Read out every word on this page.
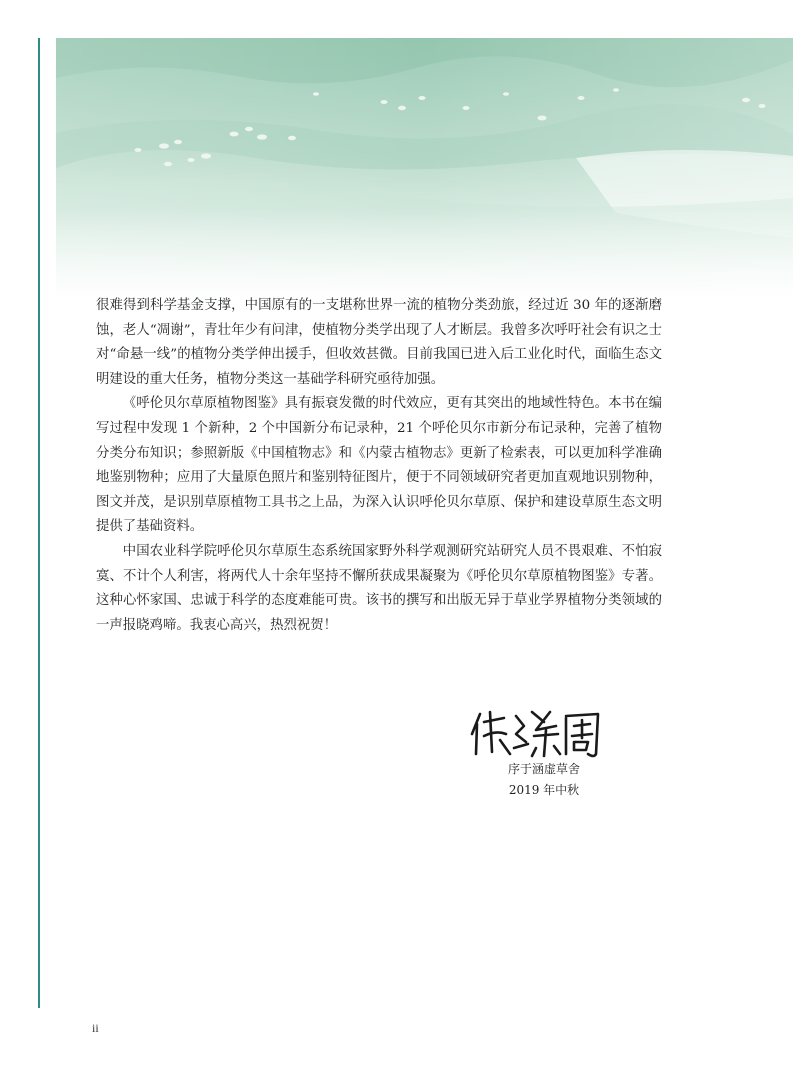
很难得到科学基金支撑，中国原有的一支堪称世界一流的植物分类劲旅，经过近 30 年的逐渐磨蚀，老人“凋谢”，青壮年少有问津，使植物分类学出现了人才断层。我曾多次呼吁社会有识之士对“命悬一线”的植物分类学伸出援手，但收效甚微。目前我国已进入后工业化时代，面临生态文明建设的重大任务，植物分类这一基础学科研究亟待加强。

《呼伦贝尔草原植物图鉴》具有振衰发微的时代效应，更有其突出的地域性特色。本书在编写过程中发现 1 个新种，2 个中国新分布记录种，21 个呼伦贝尔市新分布记录种，完善了植物分类分布知识；参照新版《中国植物志》和《内蒙古植物志》更新了检索表，可以更加科学准确地鉴别物种；应用了大量原色照片和鉴别特征图片，便于不同领域研究者更加直观地识别物种，图文并茂，是识别草原植物工具书之上品，为深入认识呼伦贝尔草原、保护和建设草原生态文明提供了基础资料。

中国农业科学院呼伦贝尔草原生态系统国家野外科学观测研究站研究人员不畏艰难、不怕寂寞、不计个人利害，将两代人十余年坚持不懈所获成果凝聚为《呼伦贝尔草原植物图鉴》专著。这种心怀家国、忠诚于科学的态度难能可贵。该书的撰写和出版无异于草业学界植物分类领域的一声报晓鸡啼。我衷心高兴，热烈祝贺！

序于涵虚草舍
2019 年中秋
ii
